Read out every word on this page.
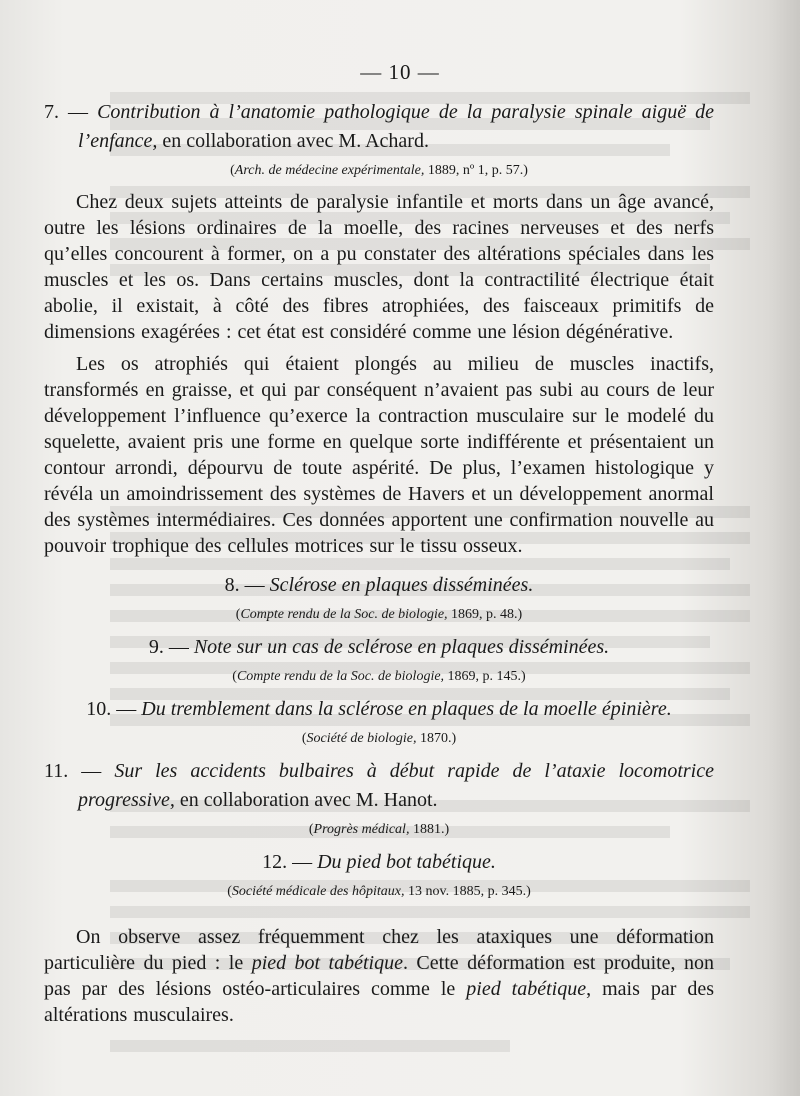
— 10 —
7. — Contribution à l’anatomie pathologique de la paralysie spinale aiguë de l’enfance, en collaboration avec M. Achard.
(Arch. de médecine expérimentale, 1889, nº 1, p. 57.)

Chez deux sujets atteints de paralysie infantile et morts dans un âge avancé, outre les lésions ordinaires de la moelle, des racines nerveuses et des nerfs qu’elles concourent à former, on a pu constater des altérations spéciales dans les muscles et les os. Dans certains muscles, dont la contractilité électrique était abolie, il existait, à côté des fibres atrophiées, des faisceaux primitifs de dimensions exagérées : cet état est considéré comme une lésion dégénérative.

Les os atrophiés qui étaient plongés au milieu de muscles inactifs, transformés en graisse, et qui par conséquent n’avaient pas subi au cours de leur développement l’influence qu’exerce la contraction musculaire sur le modelé du squelette, avaient pris une forme en quelque sorte indifférente et présentaient un contour arrondi, dépourvu de toute aspérité. De plus, l’examen histologique y révéla un amoindrissement des systèmes de Havers et un développement anormal des systèmes intermédiaires. Ces données apportent une confirmation nouvelle au pouvoir trophique des cellules motrices sur le tissu osseux.

8. — Sclérose en plaques disséminées.
(Compte rendu de la Soc. de biologie, 1869, p. 48.)
9. — Note sur un cas de sclérose en plaques disséminées.
(Compte rendu de la Soc. de biologie, 1869, p. 145.)
10. — Du tremblement dans la sclérose en plaques de la moelle épinière.
(Société de biologie, 1870.)
11. — Sur les accidents bulbaires à début rapide de l’ataxie locomotrice progressive, en collaboration avec M. Hanot.
(Progrès médical, 1881.)
12. — Du pied bot tabétique.
(Société médicale des hôpitaux, 13 nov. 1885, p. 345.)

On observe assez fréquemment chez les ataxiques une déformation particulière du pied : le pied bot tabétique. Cette déformation est produite, non pas par des lésions ostéo-articulaires comme le pied tabétique, mais par des altérations musculaires.
